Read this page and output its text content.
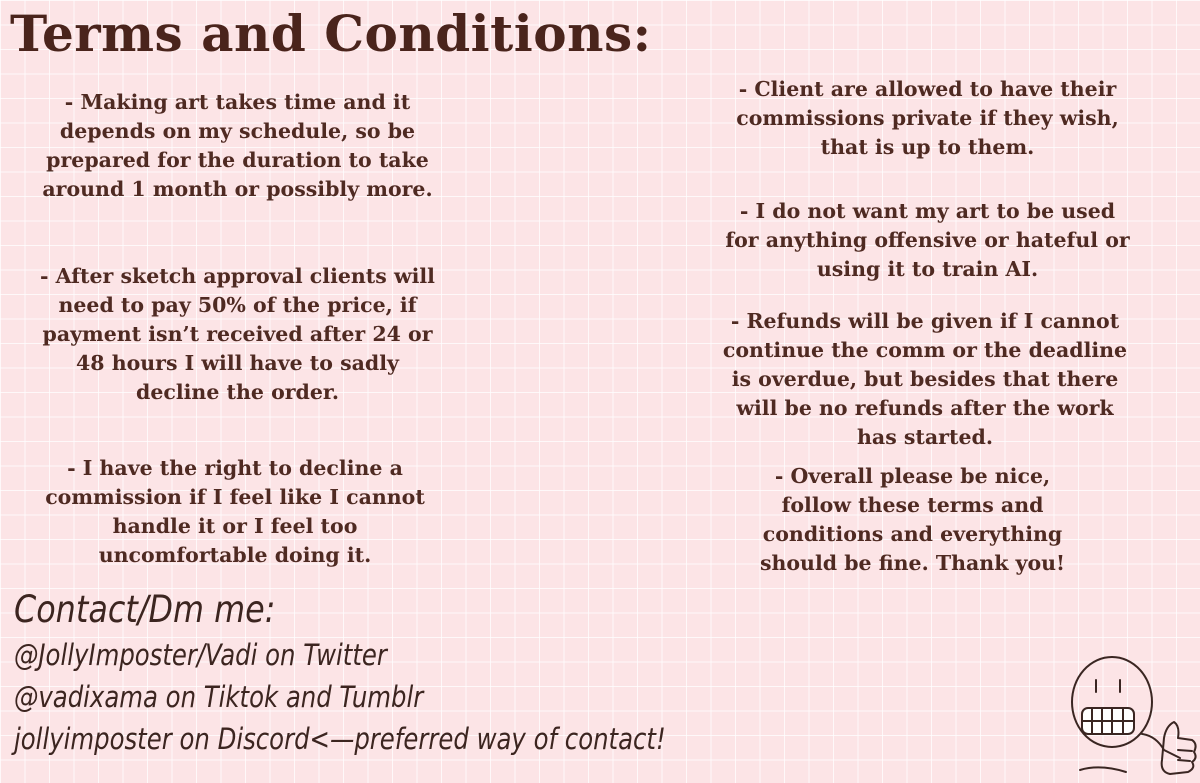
Terms and Conditions:

- Making art takes time and it depends on my schedule, so be prepared for the duration to take around 1 month or possibly more.

- After sketch approval clients will need to pay 50% of the price, if payment isn’t received after 24 or 48 hours I will have to sadly decline the order.

- I have the right to decline a commission if I feel like I cannot handle it or I feel too uncomfortable doing it.

- Client are allowed to have their commissions private if they wish, that is up to them.

- I do not want my art to be used for anything offensive or hateful or using it to train AI.

- Refunds will be given if I cannot continue the comm or the deadline is overdue, but besides that there will be no refunds after the work has started.

- Overall please be nice, follow these terms and conditions and everything should be fine. Thank you!

Contact/Dm me:
@JollyImposter/Vadi on Twitter
@vadixama on Tiktok and Tumblr
jollyimposter on Discord<—preferred way of contact!
